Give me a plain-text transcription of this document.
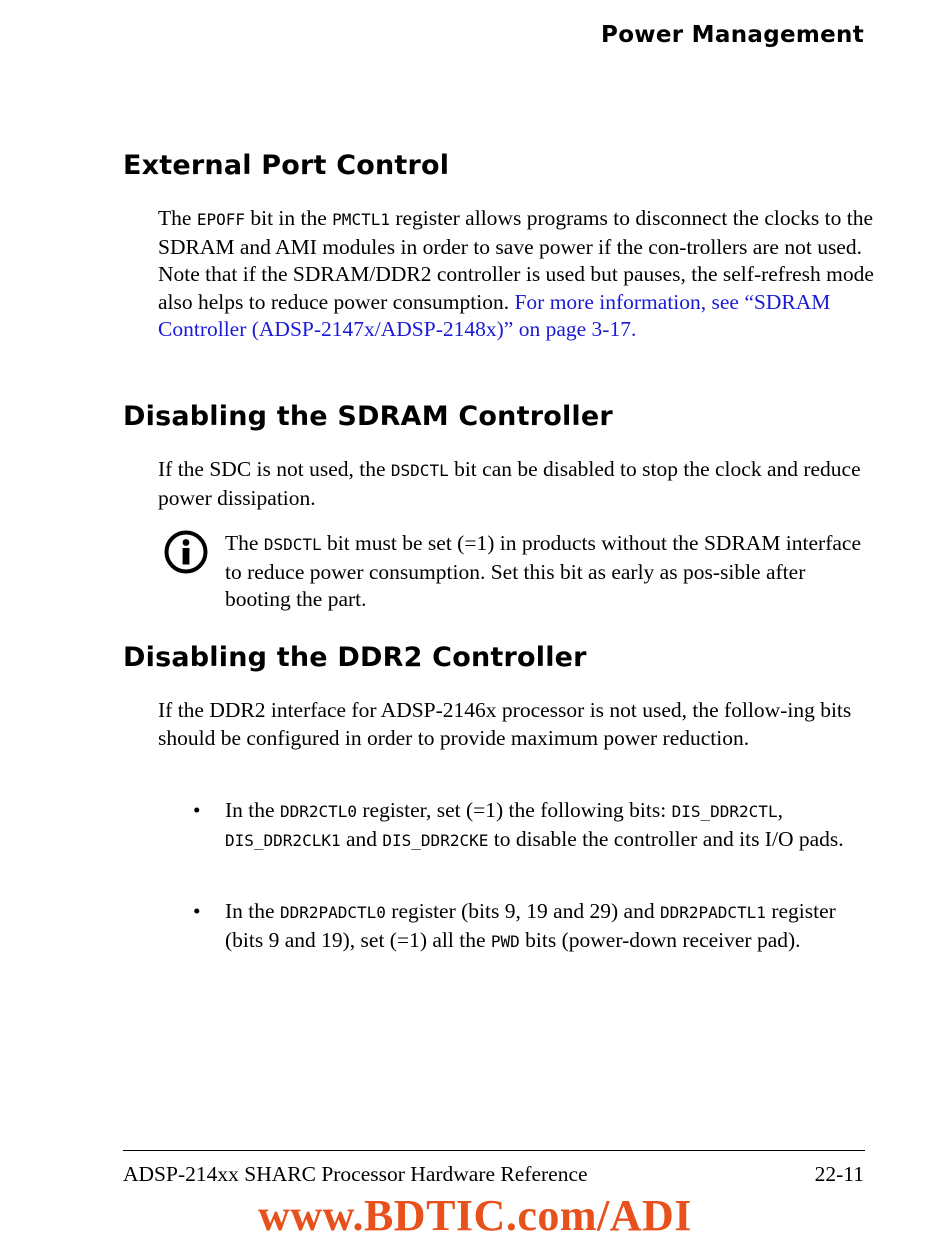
Power Management
External Port Control

The EPOFF bit in the PMCTL1 register allows programs to disconnect the clocks to the SDRAM and AMI modules in order to save power if the con-trollers are not used. Note that if the SDRAM/DDR2 controller is used but pauses, the self-refresh mode also helps to reduce power consumption. For more information, see “SDRAM Controller (ADSP-2147x/ADSP-2148x)” on page 3-17.

Disabling the SDRAM Controller

If the SDC is not used, the DSDCTL bit can be disabled to stop the clock and reduce power dissipation.

The DSDCTL bit must be set (=1) in products without the SDRAM interface to reduce power consumption. Set this bit as early as pos-sible after booting the part.

Disabling the DDR2 Controller

If the DDR2 interface for ADSP-2146x processor is not used, the follow-ing bits should be configured in order to provide maximum power reduction.

• In the DDR2CTL0 register, set (=1) the following bits: DIS_DDR2CTL, DIS_DDR2CLK1 and DIS_DDR2CKE to disable the controller and its I/O pads.

• In the DDR2PADCTL0 register (bits 9, 19 and 29) and DDR2PADCTL1 register (bits 9 and 19), set (=1) all the PWD bits (power-down receiver pad).

ADSP-214xx SHARC Processor Hardware Reference	22-11
www.BDTIC.com/ADI
